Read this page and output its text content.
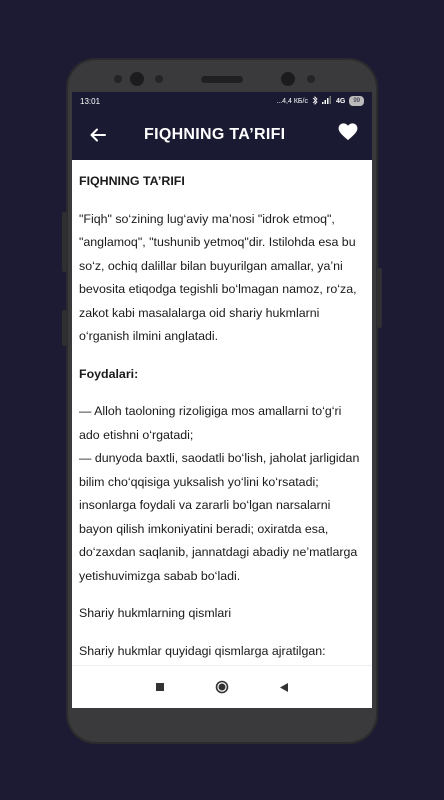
13:01	...4,4 КБ/с	4G	99
FIQHNING TA’RIFI

FIQHNING TA’RIFI

"Fiqh" so‘zining lug‘aviy ma’nosi "idrok etmoq", "anglamoq", "tushunib yetmoq"dir. Istilohda esa bu so‘z, ochiq dalillar bilan buyurilgan amallar, ya’ni bevosita etiqodga tegishli bo‘lmagan namoz, ro‘za, zakot kabi masalalarga oid shariy hukmlarni o‘rganish ilmini anglatadi.

Foydalari:

— Alloh taoloning rizoligiga mos amallarni to‘g‘ri ado etishni o‘rgatadi;

— dunyoda baxtli, saodatli bo‘lish, jaholat jarligidan bilim cho‘qqisiga yuksalish yo‘lini ko‘rsatadi; insonlarga foydali va zararli bo‘lgan narsalarni bayon qilish imkoniyatini beradi; oxiratda esa, do‘zaxdan saqlanib, jannatdagi abadiy ne’matlarga yetishuvimizga sabab bo‘ladi.

Shariy hukmlarning qismlari

Shariy hukmlar quyidagi qismlarga ajratilgan:
